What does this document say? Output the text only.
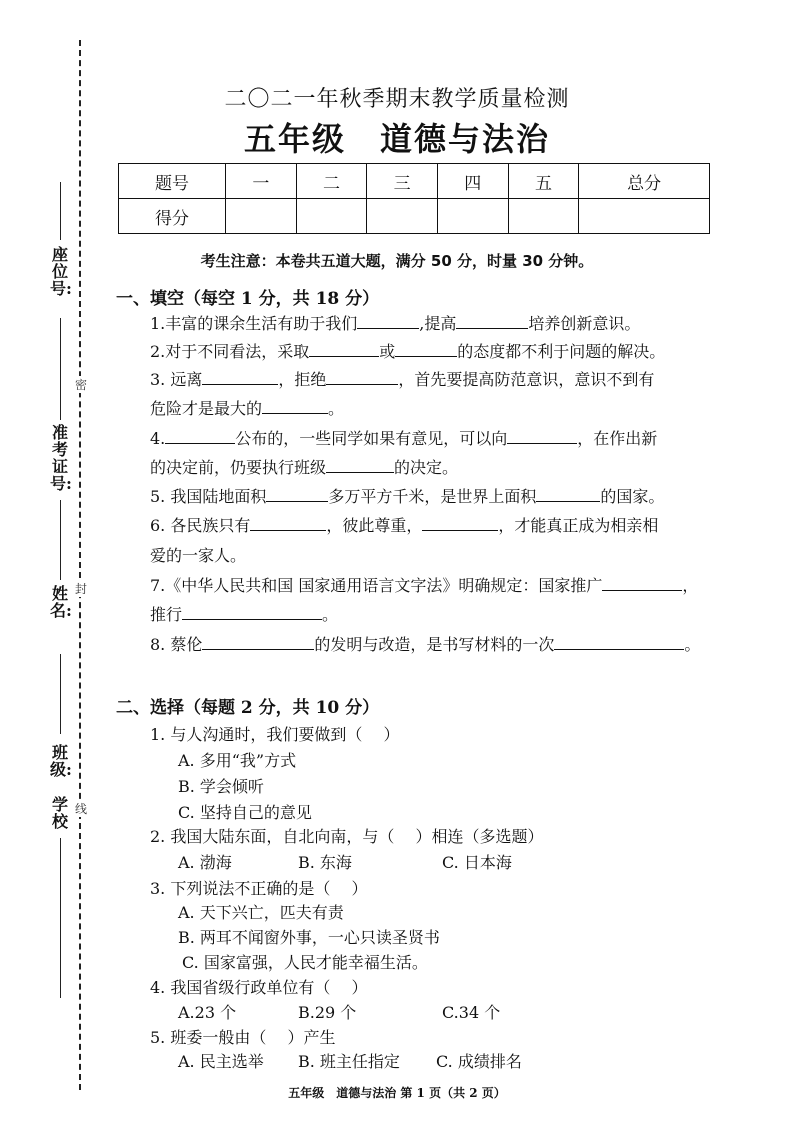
密
封
线
座位号:
准考证号:
姓名:
班级:
学校
二〇二一年秋季期末教学质量检测
五年级　道德与法治
题号	一	二	三	四	五	总分
得分						
考生注意：本卷共五道大题，满分 50 分，时量 30 分钟。
一、填空（每空 1 分，共 18 分）
1.丰富的课余生活有助于我们	,提高	培养创新意识。
2.对于不同看法，采取	或	的态度都不利于问题的解决。
3. 远离	，拒绝	，首先要提高防范意识，意识不到有
危险才是最大的	。
4.	公布的，一些同学如果有意见，可以向	，在作出新
的决定前，仍要执行班级	的决定。
5. 我国陆地面积	多万平方千米，是世界上面积	的国家。
6. 各民族只有	，彼此尊重，	，才能真正成为相亲相
爱的一家人。
7.《中华人民共和国 国家通用语言文字法》明确规定：国家推广	，
推行	。
8. 蔡伦	的发明与改造，是书写材料的一次	。
二、选择（每题 2 分，共 10 分）
1. 与人沟通时，我们要做到（　 ）
A. 多用“我”方式
B. 学会倾听
C. 坚持自己的意见
2. 我国大陆东面，自北向南，与（　 ）相连（多选题）
A. 渤海	B. 东海	C. 日本海
3. 下列说法不正确的是（　 ）
A. 天下兴亡，匹夫有责
B. 两耳不闻窗外事，一心只读圣贤书
C. 国家富强，人民才能幸福生活。
4. 我国省级行政单位有（　 ）
A.23 个	B.29 个	C.34 个
5. 班委一般由（　 ）产生
A. 民主选举 B. 班主任指定 C. 成绩排名
五年级　道德与法治 第 1 页（共 2 页）
